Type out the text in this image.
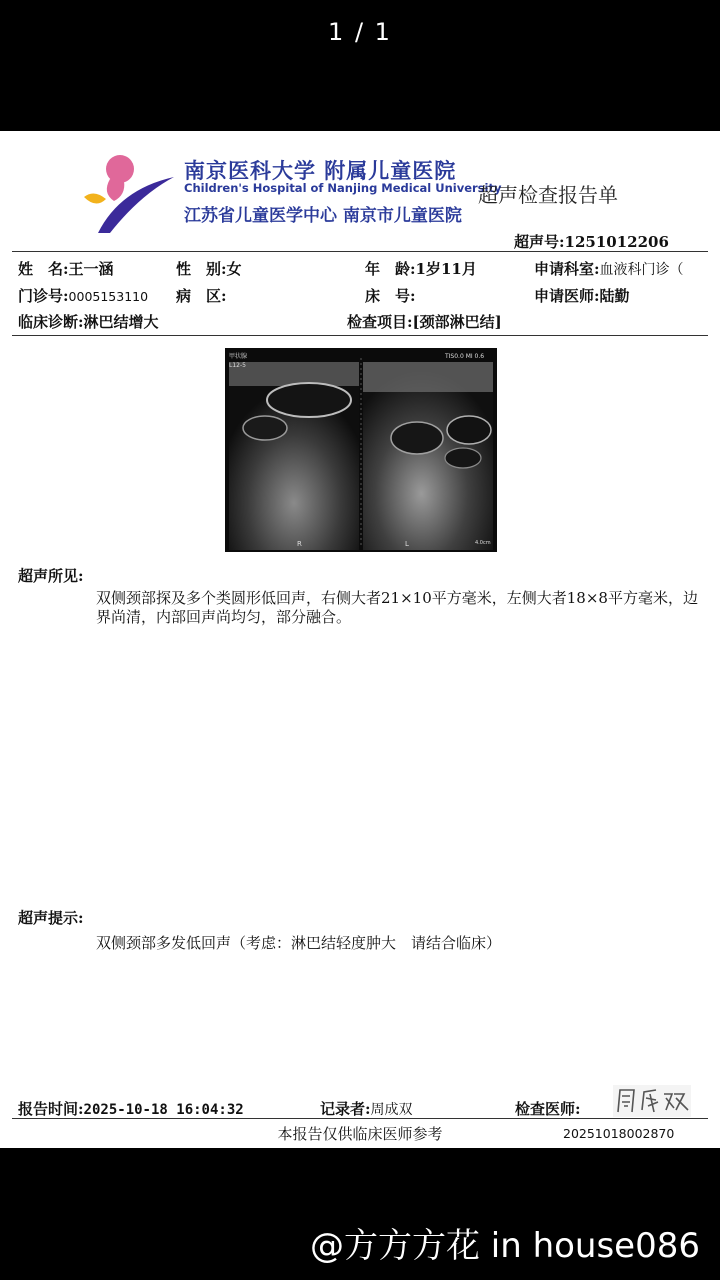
1 / 1
南京医科大学 附属儿童医院
Children's Hospital of Nanjing Medical University
江苏省儿童医学中心 南京市儿童医院
超声检查报告单
超声号:1251012206
姓　名:王一涵	性　别:女	年　龄:1岁11月	申请科室:血液科门诊（
门诊号:0005153110 病　区:	床　号:	申请医师:陆勤
临床诊断:淋巴结增大	检查项目:[颈部淋巴结]
甲状腺
L12-5
TIS0.0 MI 0.6
R	L	4.0cm
超声所见:
双侧颈部探及多个类圆形低回声，右侧大者21×10平方毫米，左侧大者18×8平方毫米，边界尚清，内部回声尚均匀，部分融合。
超声提示:
双侧颈部多发低回声（考虑：淋巴结轻度肿大　请结合临床）
报告时间:2025-10-18 16:04:32	记录者:周成双	检查医师:
本报告仅供临床医师参考	20251018002870
@方方方花 in house086
